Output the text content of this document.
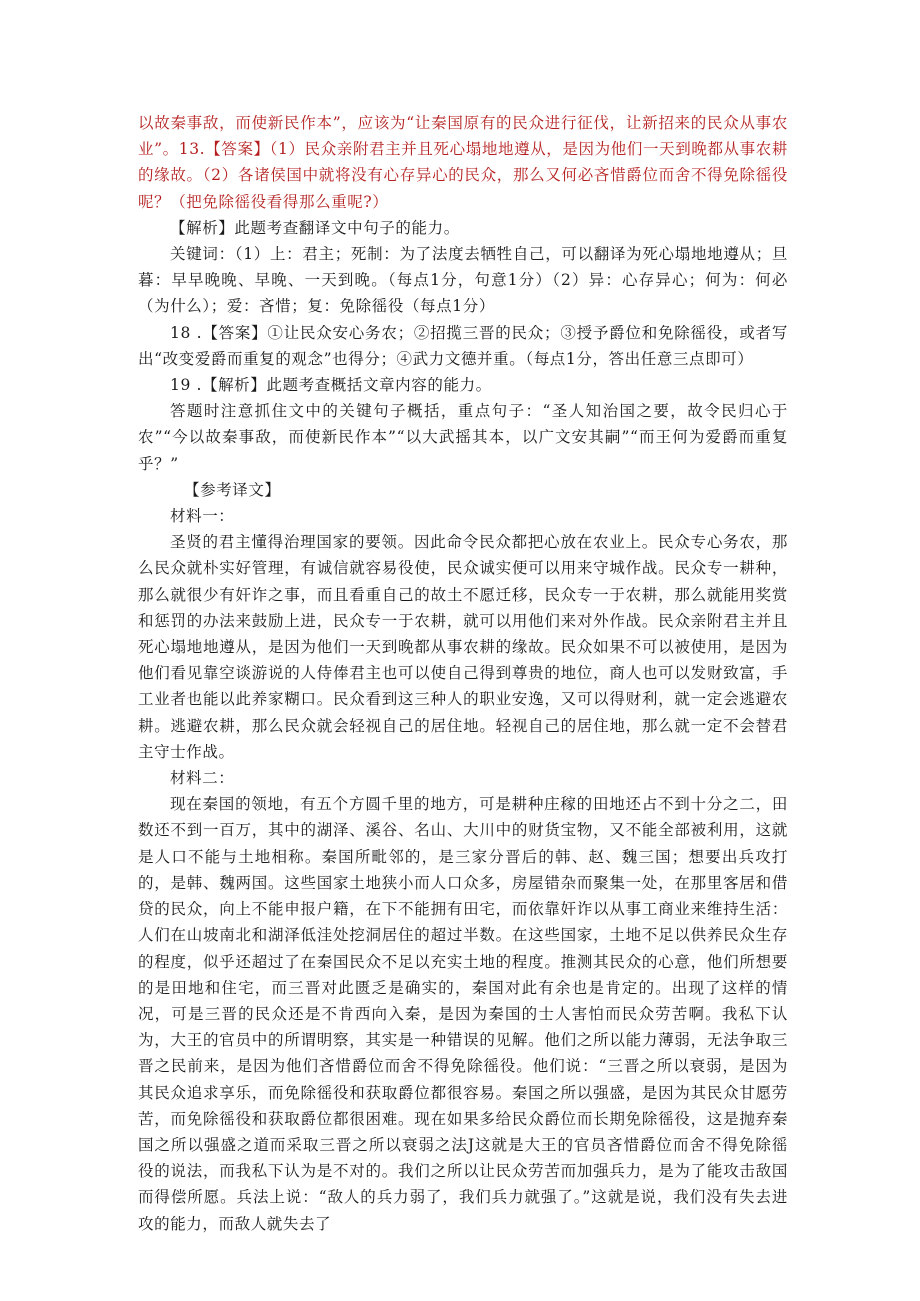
以故秦事敌，而使新民作本”，应该为“让秦国原有的民众进行征伐，让新招来的民众从事农业”。13.【答案】（1）民众亲附君主并且死心塌地地遵从，是因为他们一天到晚都从事农耕的缘故。（2）各诸侯国中就将没有心存异心的民众，那么又何必吝惜爵位而舍不得免除徭役呢？（把免除徭役看得那么重呢?）

【解析】此题考查翻译文中句子的能力。

关键词：（1）上：君主；死制：为了法度去牺牲自己，可以翻译为死心塌地地遵从；旦暮：早早晚晚、早晚、一天到晚。（每点1分，句意1分）（2）异：心存异心；何为：何必（为什么）；爱：吝惜；复：免除徭役（每点1分）

18 .【答案】①让民众安心务农；②招揽三晋的民众；③授予爵位和免除徭役，或者写出“改变爱爵而重复的观念”也得分；④武力文德并重。（每点1分，答出任意三点即可）

19 .【解析】此题考查概括文章内容的能力。

答题时注意抓住文中的关键句子概括，重点句子：“圣人知治国之要，故令民归心于农”“今以故秦事敌，而使新民作本”“以大武摇其本，以广文安其嗣”“而王何为爱爵而重复乎？”

【参考译文】

材料一：

圣贤的君主懂得治理国家的要领。因此命令民众都把心放在农业上。民众专心务农，那么民众就朴实好管理，有诚信就容易役使，民众诚实便可以用来守城作战。民众专一耕种，那么就很少有奸诈之事，而且看重自己的故土不愿迁移，民众专一于农耕，那么就能用奖赏和惩罚的办法来鼓励上进，民众专一于农耕，就可以用他们来对外作战。民众亲附君主并且死心塌地地遵从，是因为他们一天到晚都从事农耕的缘故。民众如果不可以被使用，是因为他们看见靠空谈游说的人侍俸君主也可以使自己得到尊贵的地位，商人也可以发财致富，手工业者也能以此养家糊口。民众看到这三种人的职业安逸，又可以得财利，就一定会逃避农耕。逃避农耕，那么民众就会轻视自己的居住地。轻视自己的居住地，那么就一定不会替君主守士作战。

材料二：

现在秦国的领地，有五个方圆千里的地方，可是耕种庄稼的田地还占不到十分之二，田数还不到一百万，其中的湖泽、溪谷、名山、大川中的财货宝物，又不能全部被利用，这就是人口不能与土地相称。秦国所毗邻的，是三家分晋后的韩、赵、魏三国；想要出兵攻打的，是韩、魏两国。这些国家土地狭小而人口众多，房屋错杂而聚集一处，在那里客居和借贷的民众，向上不能申报户籍，在下不能拥有田宅，而依靠奸诈以从事工商业来维持生活：人们在山坡南北和湖泽低洼处挖洞居住的超过半数。在这些国家，土地不足以供养民众生存的程度，似乎还超过了在秦国民众不足以充实土地的程度。推测其民众的心意，他们所想要的是田地和住宅，而三晋对此匮乏是确实的，秦国对此有余也是肯定的。出现了这样的情况，可是三晋的民众还是不肯西向入秦，是因为秦国的士人害怕而民众劳苦啊。我私下认为，大王的官员中的所谓明察，其实是一种错误的见解。他们之所以能力薄弱，无法争取三晋之民前来，是因为他们吝惜爵位而舍不得免除徭役。他们说：“三晋之所以衰弱，是因为其民众追求享乐，而免除徭役和获取爵位都很容易。秦国之所以强盛，是因为其民众甘愿劳苦，而免除徭役和获取爵位都很困难。现在如果多给民众爵位而长期免除徭役，这是抛弃秦国之所以强盛之道而采取三晋之所以衰弱之法J这就是大王的官员吝惜爵位而舍不得免除徭役的说法，而我私下认为是不对的。我们之所以让民众劳苦而加强兵力，是为了能攻击敌国而得偿所愿。兵法上说：“敌人的兵力弱了，我们兵力就强了。”这就是说，我们没有失去进攻的能力，而敌人就失去了
